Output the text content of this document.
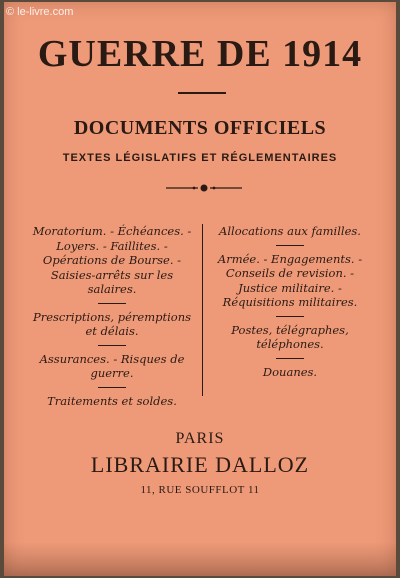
© le-livre.com
GUERRE DE 1914
DOCUMENTS OFFICIELS
TEXTES LÉGISLATIFS ET RÉGLEMENTAIRES
Moratorium. - Échéances. - Loyers. - Faillites. - Opérations de Bourse. - Saisies-arrêts sur les salaires.
Prescriptions, péremptions et délais.
Assurances. - Risques de guerre.
Traitements et soldes.
Allocations aux familles.
Armée. - Engagements. - Conseils de revision. - Justice militaire. - Réquisitions militaires.
Postes, télégraphes, téléphones.
Douanes.
PARIS
LIBRAIRIE DALLOZ
11, RUE SOUFFLOT 11
